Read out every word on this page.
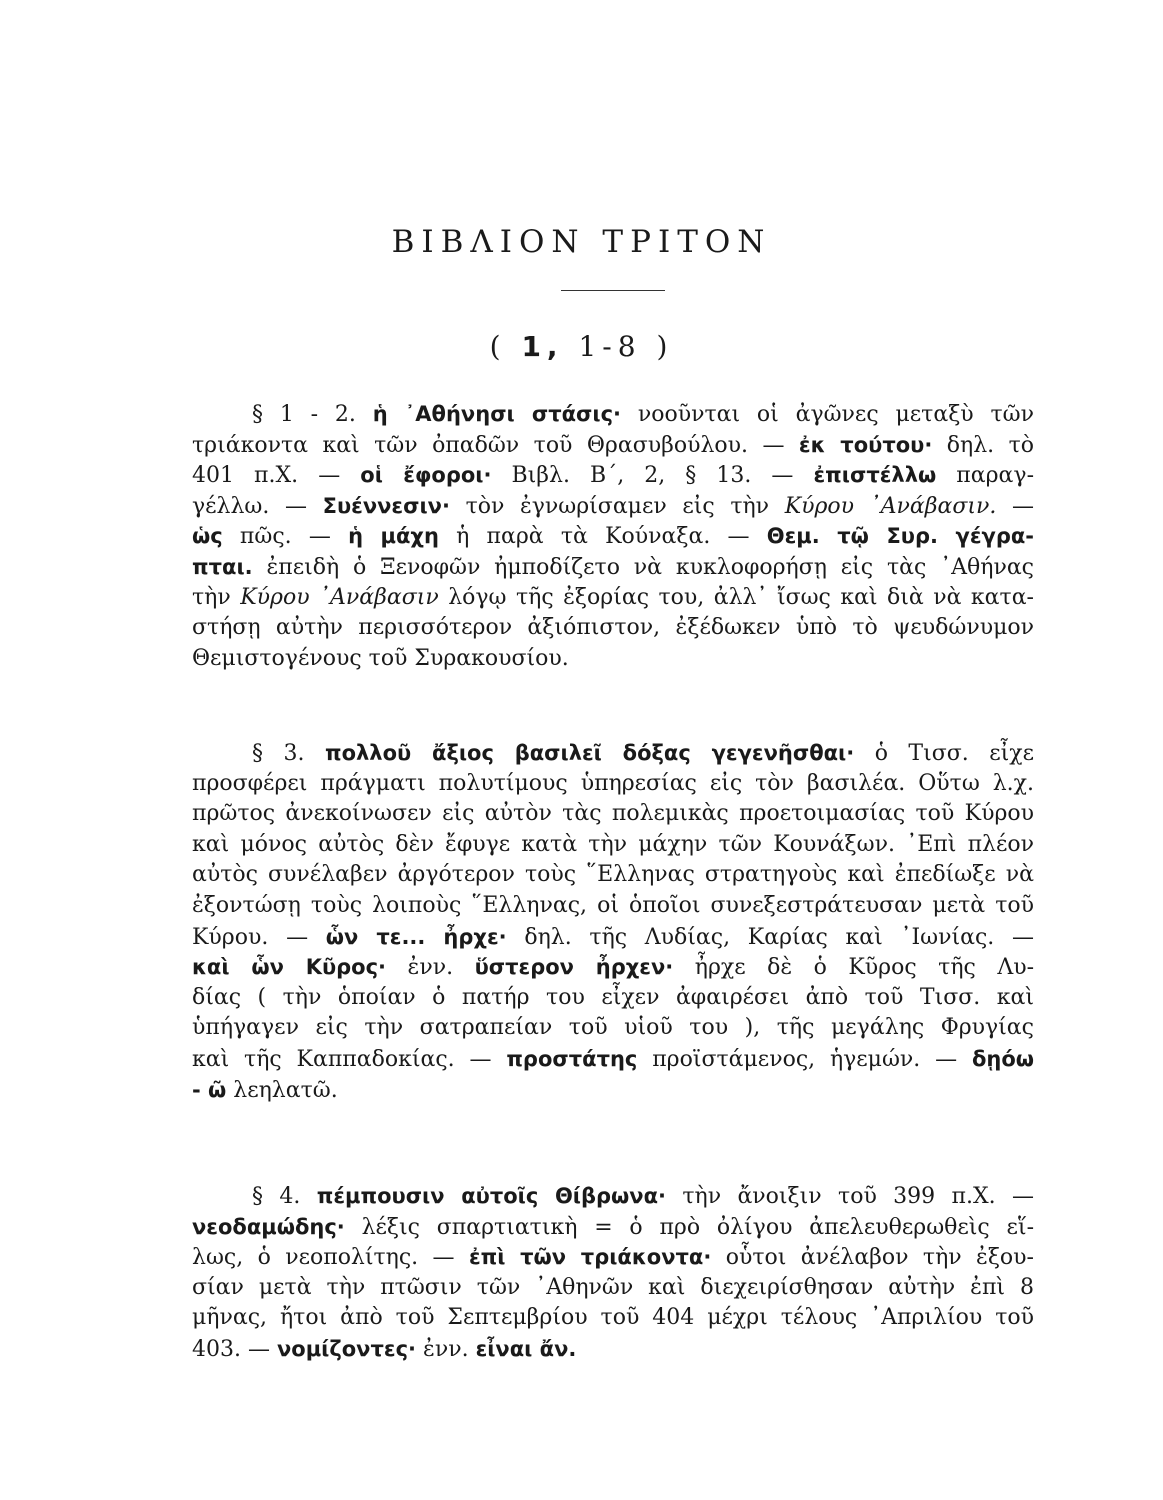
ΒΙΒΛΙΟΝ ΤΡΙΤΟΝ

( 1, 1-8 )

§ 1 - 2. ἡ ᾿Αθήνησι στάσις· νοοῦνται οἱ ἀγῶνες μεταξὺ τῶν
τριάκοντα καὶ τῶν ὀπαδῶν τοῦ Θρασυβούλου. — ἐκ τούτου· δηλ. τὸ
401 π.Χ. — οἱ ἔφοροι· Βιβλ. Β΄, 2, § 13. — ἐπιστέλλω παραγ-
γέλλω. — Συέννεσιν· τὸν ἐγνωρίσαμεν εἰς τὴν Κύρου ᾿Ανάβασιν. —
ὡς πῶς. — ἡ μάχη ἡ παρὰ τὰ Κούναξα. — Θεμ. τῷ Συρ. γέγρα-
πται. ἐπειδὴ ὁ Ξενοφῶν ἠμποδίζετο νὰ κυκλοφορήσῃ εἰς τὰς ᾿Αθήνας
τὴν Κύρου ᾿Ανάβασιν λόγῳ τῆς ἐξορίας του, ἀλλ᾿ ἴσως καὶ διὰ νὰ κατα-
στήσῃ αὐτὴν περισσότερον ἀξιόπιστον, ἐξέδωκεν ὑπὸ τὸ ψευδώνυμον
Θεμιστογένους τοῦ Συρακουσίου.
§ 3. πολλοῦ ἄξιος βασιλεῖ δόξας γεγενῆσθαι· ὁ Τισσ. εἶχε
προσφέρει πράγματι πολυτίμους ὑπηρεσίας εἰς τὸν βασιλέα. Οὕτω λ.χ.
πρῶτος ἀνεκοίνωσεν εἰς αὐτὸν τὰς πολεμικὰς προετοιμασίας τοῦ Κύρου
καὶ μόνος αὐτὸς δὲν ἔφυγε κατὰ τὴν μάχην τῶν Κουνάξων. ᾿Επὶ πλέον
αὐτὸς συνέλαβεν ἀργότερον τοὺς ῞Ελληνας στρατηγοὺς καὶ ἐπεδίωξε νὰ
ἐξοντώσῃ τοὺς λοιποὺς ῞Ελληνας, οἱ ὁποῖοι συνεξεστράτευσαν μετὰ τοῦ
Κύρου. — ὧν τε... ἦρχε· δηλ. τῆς Λυδίας, Καρίας καὶ ᾿Ιωνίας. —
καὶ ὧν Κῦρος· ἐνν. ὕστερον ἦρχεν· ἦρχε δὲ ὁ Κῦρος τῆς Λυ-
δίας ( τὴν ὁποίαν ὁ πατήρ του εἶχεν ἀφαιρέσει ἀπὸ τοῦ Τισσ. καὶ
ὑπήγαγεν εἰς τὴν σατραπείαν τοῦ υἱοῦ του ), τῆς μεγάλης Φρυγίας
καὶ τῆς Καππαδοκίας. — προστάτης προϊστάμενος, ἡγεμών. — δῃόω
- ῶ λεηλατῶ.
§ 4. πέμπουσιν αὐτοῖς Θίβρωνα· τὴν ἄνοιξιν τοῦ 399 π.Χ. —
νεοδαμώδης· λέξις σπαρτιατικὴ = ὁ πρὸ ὀλίγου ἀπελευθερωθεὶς εἵ-
λως, ὁ νεοπολίτης. — ἐπὶ τῶν τριάκοντα· οὗτοι ἀνέλαβον τὴν ἐξου-
σίαν μετὰ τὴν πτῶσιν τῶν ᾿Αθηνῶν καὶ διεχειρίσθησαν αὐτὴν ἐπὶ 8
μῆνας, ἤτοι ἀπὸ τοῦ Σεπτεμβρίου τοῦ 404 μέχρι τέλους ᾿Απριλίου τοῦ
403. — νομίζοντες· ἐνν. εἶναι ἄν.
